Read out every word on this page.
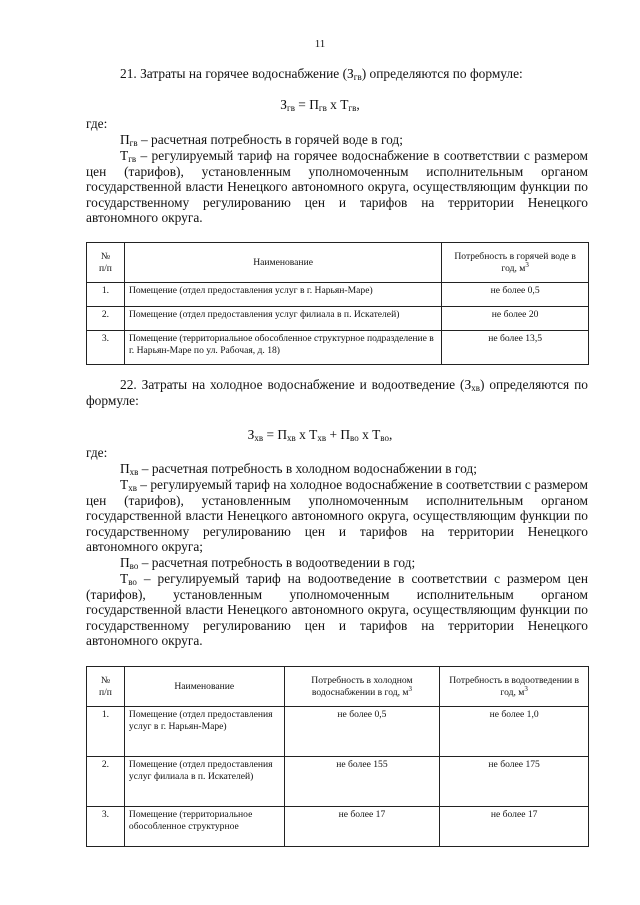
11
21. Затраты на горячее водоснабжение $(З_{гв})$ определяются по формуле:
$З_{гв} = П_{гв}$ x $Т_{гв}$,
где:
$П_{гв}$ – расчетная потребность в горячей воде в год;
$Т_{гв}$ – регулируемый тариф на горячее водоснабжение в соответствии с размером цен (тарифов), установленным уполномоченным исполнительным органом государственной власти Ненецкого автономного округа, осуществляющим функции по государственному регулированию цен и тарифов на территории Ненецкого автономного округа.
№
п/п	Наименование	Потребность в горячей воде в год, $м^3$
1.	Помещение (отдел предоставления услуг в г. Нарьян-Маре)	не более 0,5
2.	Помещение (отдел предоставления услуг филиала в п. Искателей)	не более 20
3.	Помещение (территориальное обособленное структурное подразделение в г. Нарьян-Маре по ул. Рабочая, д. 18)	не более 13,5
22. Затраты на холодное водоснабжение и водоотведение $(З_{хв})$ определяются по формуле:
$З_{хв} = П_{хв}$ x $Т_{хв} + П_{во}$ x $Т_{во}$,
где:
$П_{хв}$ – расчетная потребность в холодном водоснабжении в год;
$Т_{хв}$ – регулируемый тариф на холодное водоснабжение в соответствии с размером цен (тарифов), установленным уполномоченным исполнительным органом государственной власти Ненецкого автономного округа, осуществляющим функции по государственному регулированию цен и тарифов на территории Ненецкого автономного округа;
$П_{во}$ – расчетная потребность в водоотведении в год;
$Т_{во}$ – регулируемый тариф на водоотведение в соответствии с размером цен (тарифов), установленным уполномоченным исполнительным органом государственной власти Ненецкого автономного округа, осуществляющим функции по государственному регулированию цен и тарифов на территории Ненецкого автономного округа.
№
п/п	Наименование	Потребность в холодном водоснабжении в год, $м^3$	Потребность в водоотведении в год, $м^3$
1.	Помещение (отдел предоставления услуг в г. Нарьян-Маре)	не более 0,5	не более 1,0
2.	Помещение (отдел предоставления услуг филиала в п. Искателей)	не более 155	не более 175
3.	Помещение (территориальное обособленное структурное	не более 17	не более 17
